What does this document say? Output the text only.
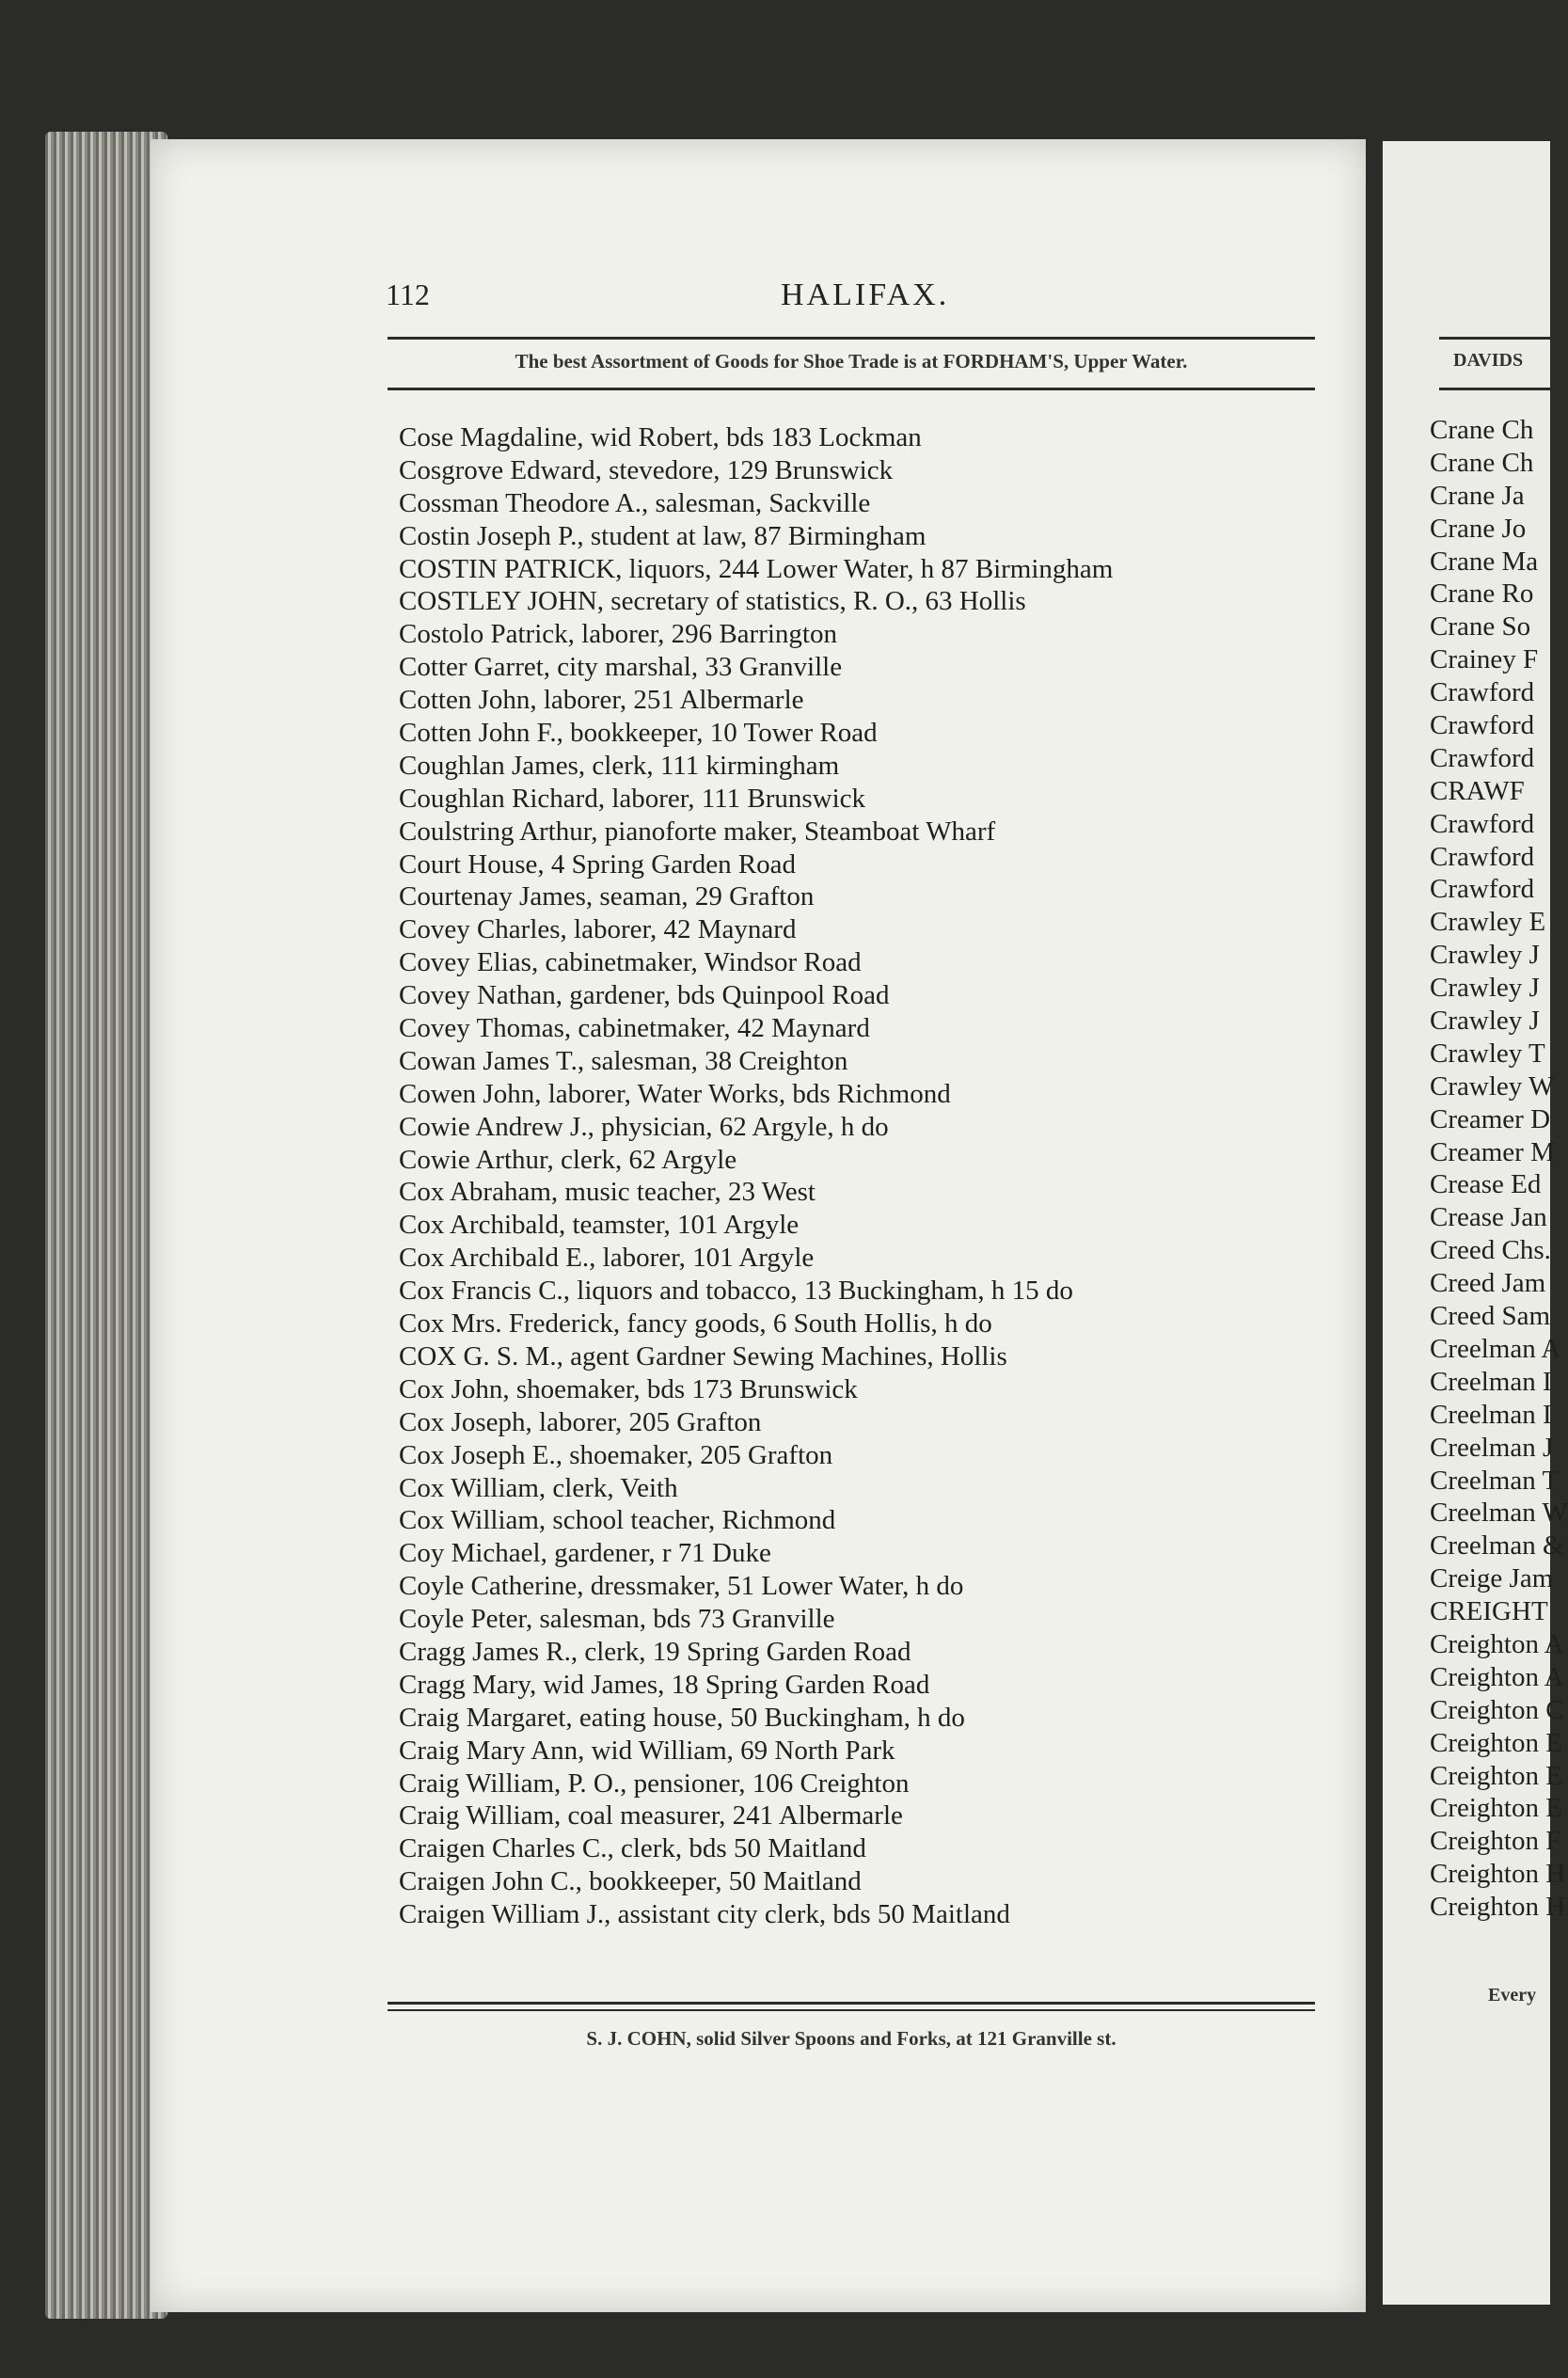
112	HALIFAX.
The best Assortment of Goods for Shoe Trade is at FORDHAM'S, Upper Water.
Cose Magdaline, wid Robert, bds 183 Lockman
Cosgrove Edward, stevedore, 129 Brunswick
Cossman Theodore A., salesman, Sackville
Costin Joseph P., student at law, 87 Birmingham
COSTIN PATRICK, liquors, 244 Lower Water, h 87 Birmingham
COSTLEY JOHN, secretary of statistics, R. O., 63 Hollis
Costolo Patrick, laborer, 296 Barrington
Cotter Garret, city marshal, 33 Granville
Cotten John, laborer, 251 Albermarle
Cotten John F., bookkeeper, 10 Tower Road
Coughlan James, clerk, 111 kirmingham
Coughlan Richard, laborer, 111 Brunswick
Coulstring Arthur, pianoforte maker, Steamboat Wharf
Court House, 4 Spring Garden Road
Courtenay James, seaman, 29 Grafton
Covey Charles, laborer, 42 Maynard
Covey Elias, cabinetmaker, Windsor Road
Covey Nathan, gardener, bds Quinpool Road
Covey Thomas, cabinetmaker, 42 Maynard
Cowan James T., salesman, 38 Creighton
Cowen John, laborer, Water Works, bds Richmond
Cowie Andrew J., physician, 62 Argyle, h do
Cowie Arthur, clerk, 62 Argyle
Cox Abraham, music teacher, 23 West
Cox Archibald, teamster, 101 Argyle
Cox Archibald E., laborer, 101 Argyle
Cox Francis C., liquors and tobacco, 13 Buckingham, h 15 do
Cox Mrs. Frederick, fancy goods, 6 South Hollis, h do
COX G. S. M., agent Gardner Sewing Machines, Hollis
Cox John, shoemaker, bds 173 Brunswick
Cox Joseph, laborer, 205 Grafton
Cox Joseph E., shoemaker, 205 Grafton
Cox William, clerk, Veith
Cox William, school teacher, Richmond
Coy Michael, gardener, r 71 Duke
Coyle Catherine, dressmaker, 51 Lower Water, h do
Coyle Peter, salesman, bds 73 Granville
Cragg James R., clerk, 19 Spring Garden Road
Cragg Mary, wid James, 18 Spring Garden Road
Craig Margaret, eating house, 50 Buckingham, h do
Craig Mary Ann, wid William, 69 North Park
Craig William, P. O., pensioner, 106 Creighton
Craig William, coal measurer, 241 Albermarle
Craigen Charles C., clerk, bds 50 Maitland
Craigen John C., bookkeeper, 50 Maitland
Craigen William J., assistant city clerk, bds 50 Maitland
S. J. COHN, solid Silver Spoons and Forks, at 121 Granville st.
DAVIDS
Crane Ch
Crane Ch
Crane Ja
Crane Jo
Crane Ma
Crane Ro
Crane So
Crainey F
Crawford
Crawford
Crawford
CRAWF
Crawford
Crawford
Crawford
Crawley E
Crawley J
Crawley J
Crawley J
Crawley T
Crawley W
Creamer D
Creamer M
Crease Ed
Crease Jan
Creed Chs.
Creed Jam
Creed Sam
Creelman A
Creelman I
Creelman I
Creelman J
Creelman T
Creelman W
Creelman &
Creige Jam
CREIGHT
Creighton A
Creighton A
Creighton C
Creighton E
Creighton E
Creighton E
Creighton F
Creighton H
Creighton H
Every
